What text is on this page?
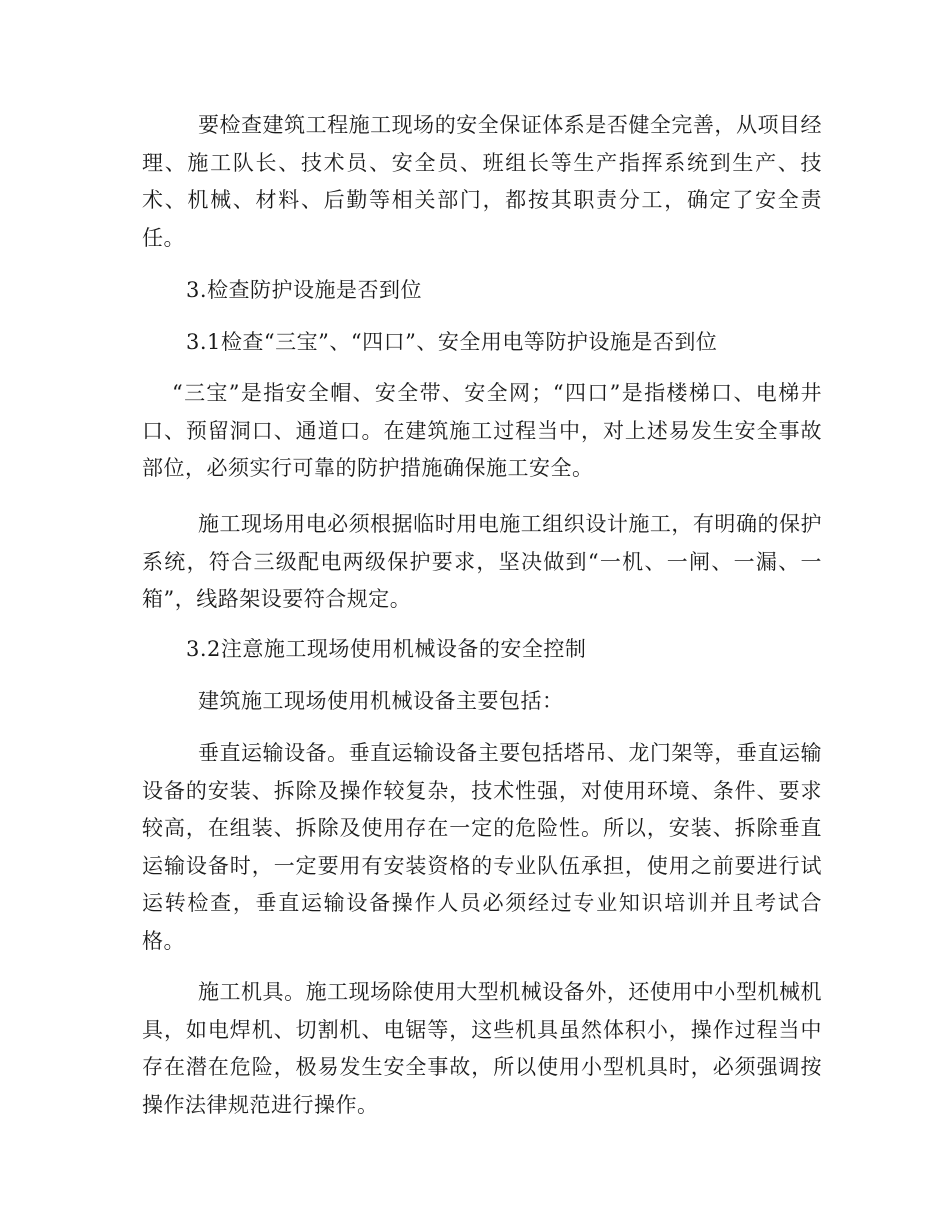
要检查建筑工程施工现场的安全保证体系是否健全完善，从项目经理、施工队长、技术员、安全员、班组长等生产指挥系统到生产、技术、机械、材料、后勤等相关部门，都按其职责分工，确定了安全责任。

3.检查防护设施是否到位

3.1检查“三宝”、“四口”、安全用电等防护设施是否到位

“三宝”是指安全帽、安全带、安全网；“四口”是指楼梯口、电梯井口、预留洞口、通道口。在建筑施工过程当中，对上述易发生安全事故部位，必须实行可靠的防护措施确保施工安全。

施工现场用电必须根据临时用电施工组织设计施工，有明确的保护系统，符合三级配电两级保护要求，坚决做到“一机、一闸、一漏、一箱”，线路架设要符合规定。

3.2注意施工现场使用机械设备的安全控制

建筑施工现场使用机械设备主要包括：

垂直运输设备。垂直运输设备主要包括塔吊、龙门架等，垂直运输设备的安装、拆除及操作较复杂，技术性强，对使用环境、条件、要求较高，在组装、拆除及使用存在一定的危险性。所以，安装、拆除垂直运输设备时，一定要用有安装资格的专业队伍承担，使用之前要进行试运转检查，垂直运输设备操作人员必须经过专业知识培训并且考试合格。

施工机具。施工现场除使用大型机械设备外，还使用中小型机械机具，如电焊机、切割机、电锯等，这些机具虽然体积小，操作过程当中存在潜在危险，极易发生安全事故，所以使用小型机具时，必须强调按操作法律规范进行操作。
